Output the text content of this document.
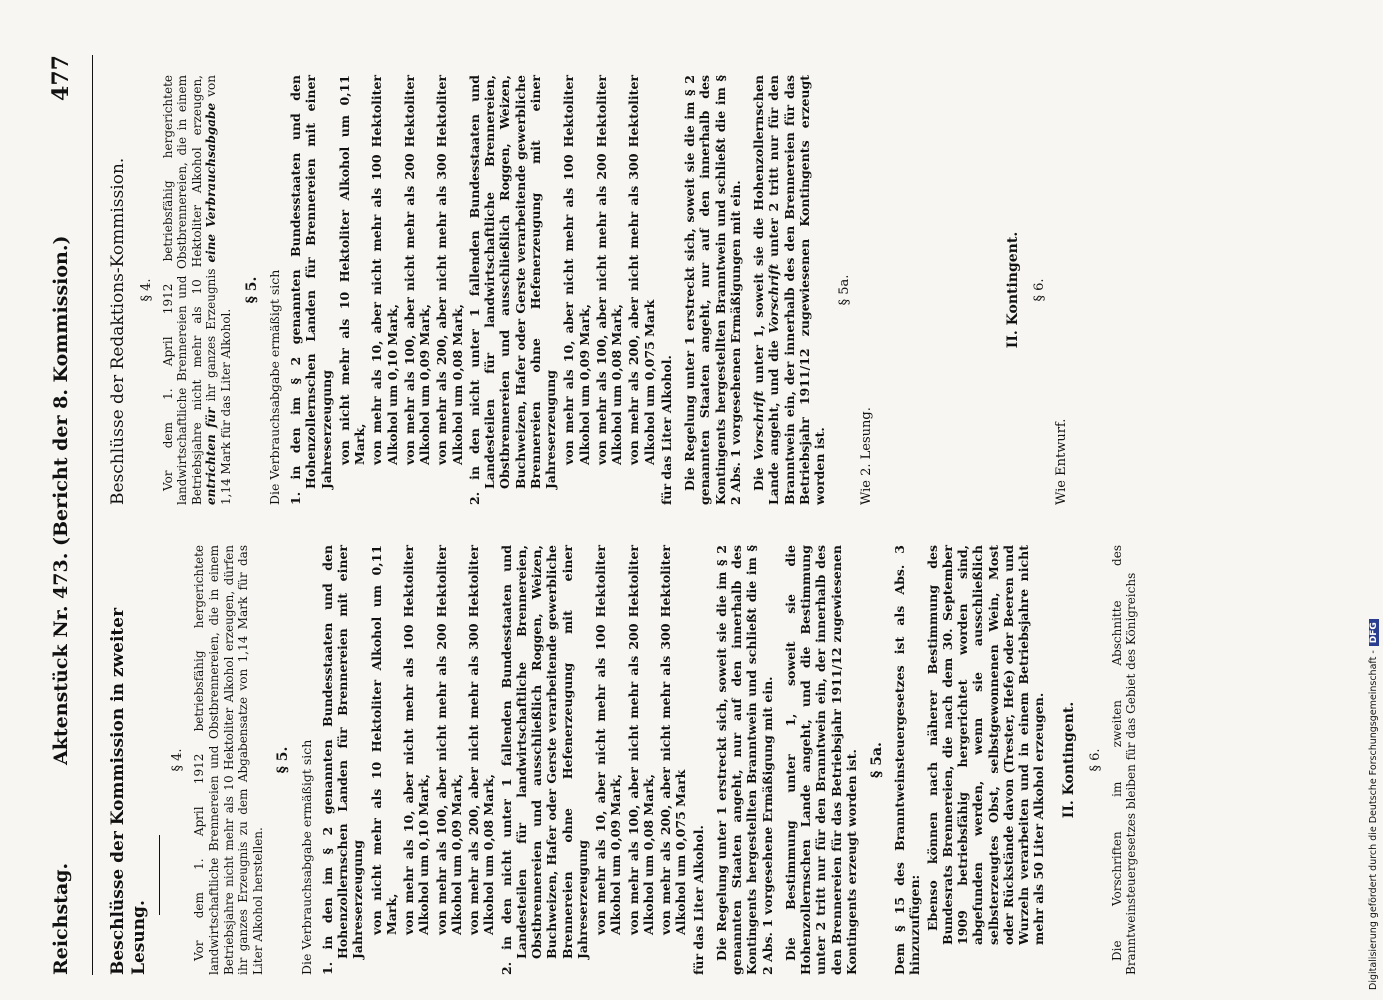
Reichstag.
Aktenstück Nr. 473. (Bericht der 8. Kommission.)
477
Beschlüsse der Kommission in zweiter Lesung.
§ 4. Vor dem 1. April 1912 betriebsfähig hergerichtete landwirtschaftliche Brennereien und Obstbrennereien, die in einem Betriebsjahre nicht mehr als 10 Hektoliter Alkohol erzeugen, dürfen ihr ganzes Erzeugnis zu dem Abgabensatze von 1,14 Mark für das Liter Alkohol herstellen.
§ 5. Die Verbrauchsabgabe ermäßigt sich 1. in den im § 2 genannten Bundesstaaten und den Hohenzollernschen Landen für Brennereien mit einer Jahreserzeugung von nicht mehr als 10 Hektoliter Alkohol um 0,11 Mark, von mehr als 10, aber nicht mehr als 100 Hektoliter Alkohol um 0,10 Mark, von mehr als 100, aber nicht mehr als 200 Hektoliter Alkohol um 0,09 Mark, von mehr als 200, aber nicht mehr als 300 Hektoliter Alkohol um 0,08 Mark, 2. in den nicht unter 1 fallenden Bundesstaaten und Landesteilen für landwirtschaftliche Brennereien, Obstbrennereien und ausschließlich Roggen, Weizen, Buchweizen, Hafer oder Gerste verarbeitende gewerbliche Brennereien ohne Hefenerzeugung mit einer Jahreserzeugung von mehr als 10, aber nicht mehr als 100 Hektoliter Alkohol um 0,09 Mark, von mehr als 100, aber nicht mehr als 200 Hektoliter Alkohol um 0,08 Mark, von mehr als 200, aber nicht mehr als 300 Hektoliter Alkohol um 0,075 Mark für das Liter Alkohol. Die Regelung unter 1 erstreckt sich, soweit sie die im § 2 genannten Staaten angeht, nur auf den innerhalb des Kontingents hergestellten Branntwein und schließt die im § 2 Abs. 1 vorgesehene Ermäßigung mit ein. Die Bestimmung unter 1, soweit sie die Hohenzollernschen Lande angeht, und die Bestimmung unter 2 tritt nur für den Branntwein ein, der innerhalb des den Brennereien für das Betriebsjahr 1911/12 zugewiesenen Kontingents erzeugt worden ist. § 5a. Dem § 15 des Branntweinsteuergesetzes ist als Abs. 3 hinzuzufügen: Ebenso können nach näherer Bestimmung des Bundesrats Brennereien, die nach dem 30. September 1909 betriebsfähig hergerichtet worden sind, abgefunden werden, wenn sie ausschließlich selbsterzeugtes Obst, selbstgewonnenen Wein, Most oder Rückstände davon (Trester, Hefe) oder Beeren und Wurzeln verarbeiten und in einem Betriebsjahre nicht mehr als 50 Liter Alkohol erzeugen. II. Kontingent. § 6. Die Vorschriften im zweiten Abschnitte des Branntweinsteuergesetzes bleiben für das Gebiet des Königreichs
Beschlüsse der Redaktions-Kommission. § 4. Vor dem 1. April 1912 betriebsfähig hergerichtete landwirtschaftliche Brennereien und Obstbrennereien, die in einem Betriebsjahre nicht mehr als 10 Hektoliter Alkohol erzeugen, entrichten für ihr ganzes Erzeugnis eine Verbrauchsabgabe von 1,14 Mark für das Liter Alkohol.
§ 5. Die Verbrauchsabgabe ermäßigt sich 1. in den im § 2 genannten Bundesstaaten und den Hohenzollernschen Landen für Brennereien mit einer Jahreserzeugung von nicht mehr als 10 Hektoliter Alkohol um 0,11 Mark, von mehr als 10, aber nicht mehr als 100 Hektoliter Alkohol um 0,10 Mark, von mehr als 100, aber nicht mehr als 200 Hektoliter Alkohol um 0,09 Mark, von mehr als 200, aber nicht mehr als 300 Hektoliter Alkohol um 0,08 Mark, 2. in den nicht unter 1 fallenden Bundesstaaten und Landesteilen für landwirtschaftliche Brennereien, Obstbrennereien und ausschließlich Roggen, Weizen, Buchweizen, Hafer oder Gerste verarbeitende gewerbliche Brennereien ohne Hefenerzeugung mit einer Jahreserzeugung von mehr als 10, aber nicht mehr als 100 Hektoliter Alkohol um 0,09 Mark, von mehr als 100, aber nicht mehr als 200 Hektoliter Alkohol um 0,08 Mark, von mehr als 200, aber nicht mehr als 300 Hektoliter Alkohol um 0,075 Mark für das Liter Alkohol. Die Regelung unter 1 erstreckt sich, soweit sie die im § 2 genannten Staaten angeht, nur auf den innerhalb des Kontingents hergestellten Branntwein und schließt die im § 2 Abs. 1 vorgesehenen Ermäßigungen mit ein. Die Vorschrift unter 1, soweit sie die Hohenzollernschen Lande angeht, und die Vorschrift unter 2 tritt nur für den Branntwein ein, der innerhalb des den Brennereien für das Betriebsjahr 1911/12 zugewiesenen Kontingents erzeugt worden ist.
§ 5a.
Wie 2. Lesung.
II. Kontingent. § 6.
Wie Entwurf.
Digitalisierung gefördert durch die Deutsche Forschungsgemeinschaft -DFG
